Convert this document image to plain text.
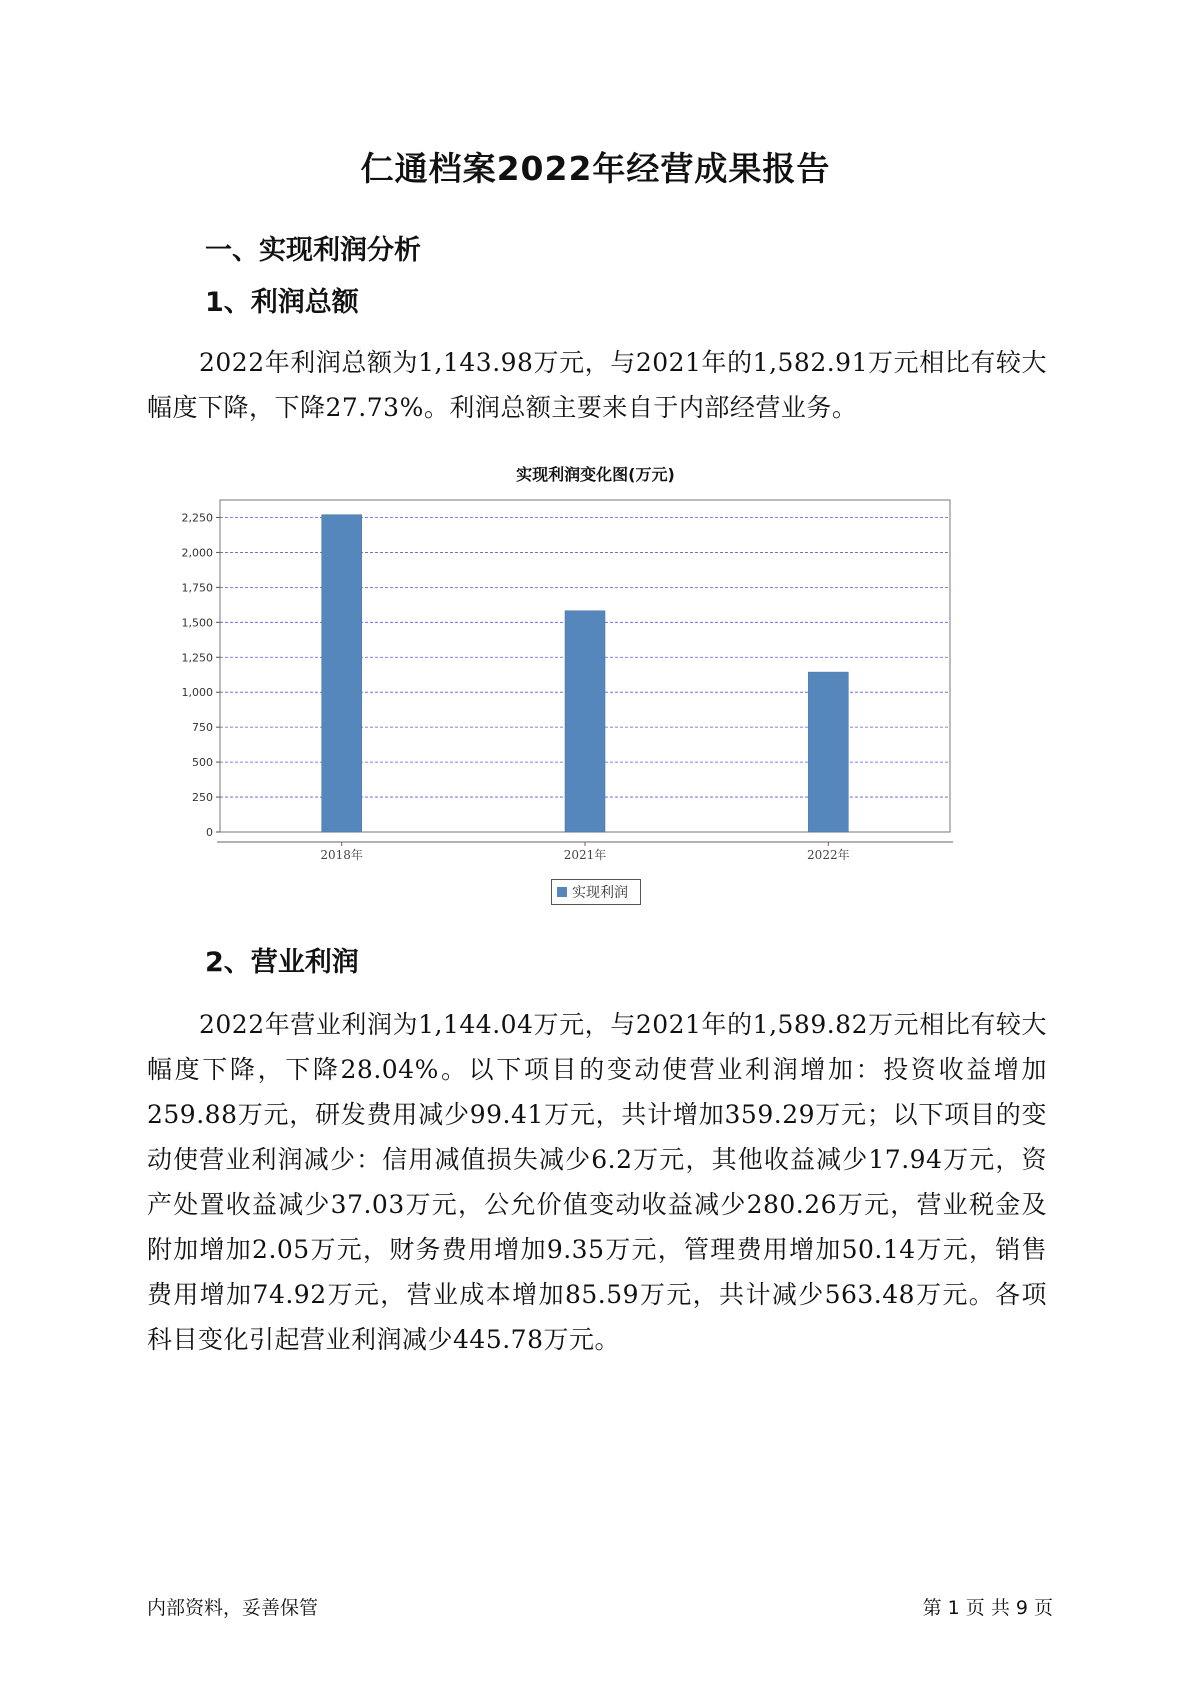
仁通档案2022年经营成果报告
一、实现利润分析
1、利润总额

2022年利润总额为1,143.98万元，与2021年的1,582.91万元相比有较大幅度下降，下降27.73%。利润总额主要来自于内部经营业务。

实现利润变化图(万元)
0
250
500
750
1,000
1,250
1,500
1,750
2,000
2,250
2018年	2021年	2022年
2、营业利润

2022年营业利润为1,144.04万元，与2021年的1,589.82万元相比有较大幅度下降，下降28.04%。以下项目的变动使营业利润增加：投资收益增加259.88万元，研发费用减少99.41万元，共计增加359.29万元；以下项目的变动使营业利润减少：信用减值损失减少6.2万元，其他收益减少17.94万元，资产处置收益减少37.03万元，公允价值变动收益减少280.26万元，营业税金及附加增加2.05万元，财务费用增加9.35万元，管理费用增加50.14万元，销售费用增加74.92万元，营业成本增加85.59万元，共计减少563.48万元。各项科目变化引起营业利润减少445.78万元。

内部资料，妥善保管	第 1 页 共 9 页
实现利润
